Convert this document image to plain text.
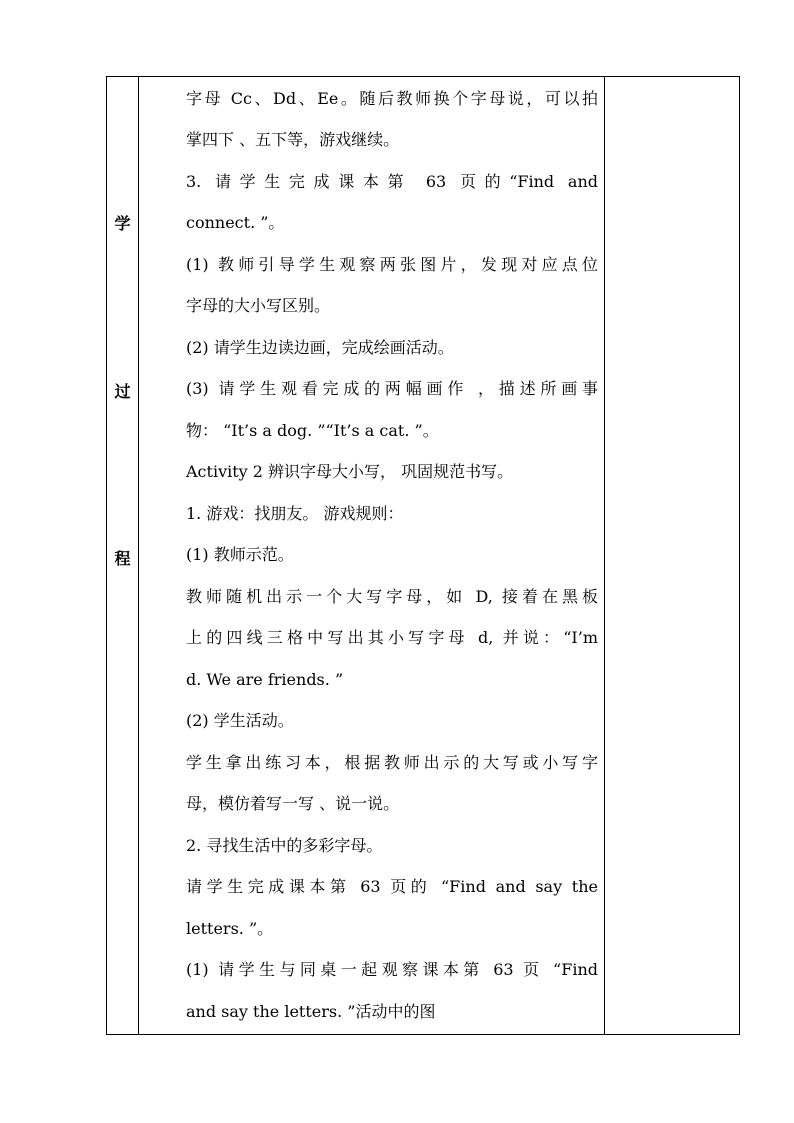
学
过
程
字母 Cc、Dd、Ee。随后教师换个字母说，可以拍
掌四下 、五下等，游戏继续。
3. 请学生完成课本第 63 页的“Find and
connect. ”。
(1) 教师引导学生观察两张图片，发现对应点位
字母的大小写区别。
(2) 请学生边读边画，完成绘画活动。
(3) 请学生观看完成的两幅画作 ，描述所画事
物： “It’s a dog. ”“It’s a cat. ”。
Activity 2 辨识字母大小写， 巩固规范书写。
1. 游戏：找朋友。 游戏规则：
(1) 教师示范。
教师随机出示一个大写字母，如 D, 接着在黑板
上的四线三格中写出其小写字母 d, 并说：“I’m
d. We are friends. ”
(2) 学生活动。
学生拿出练习本，根据教师出示的大写或小写字
母，模仿着写一写 、说一说。
2. 寻找生活中的多彩字母。
请学生完成课本第 63 页的 “Find and say the
letters. ”。
(1) 请学生与同桌一起观察课本第 63 页 “Find
and say the letters. ”活动中的图
